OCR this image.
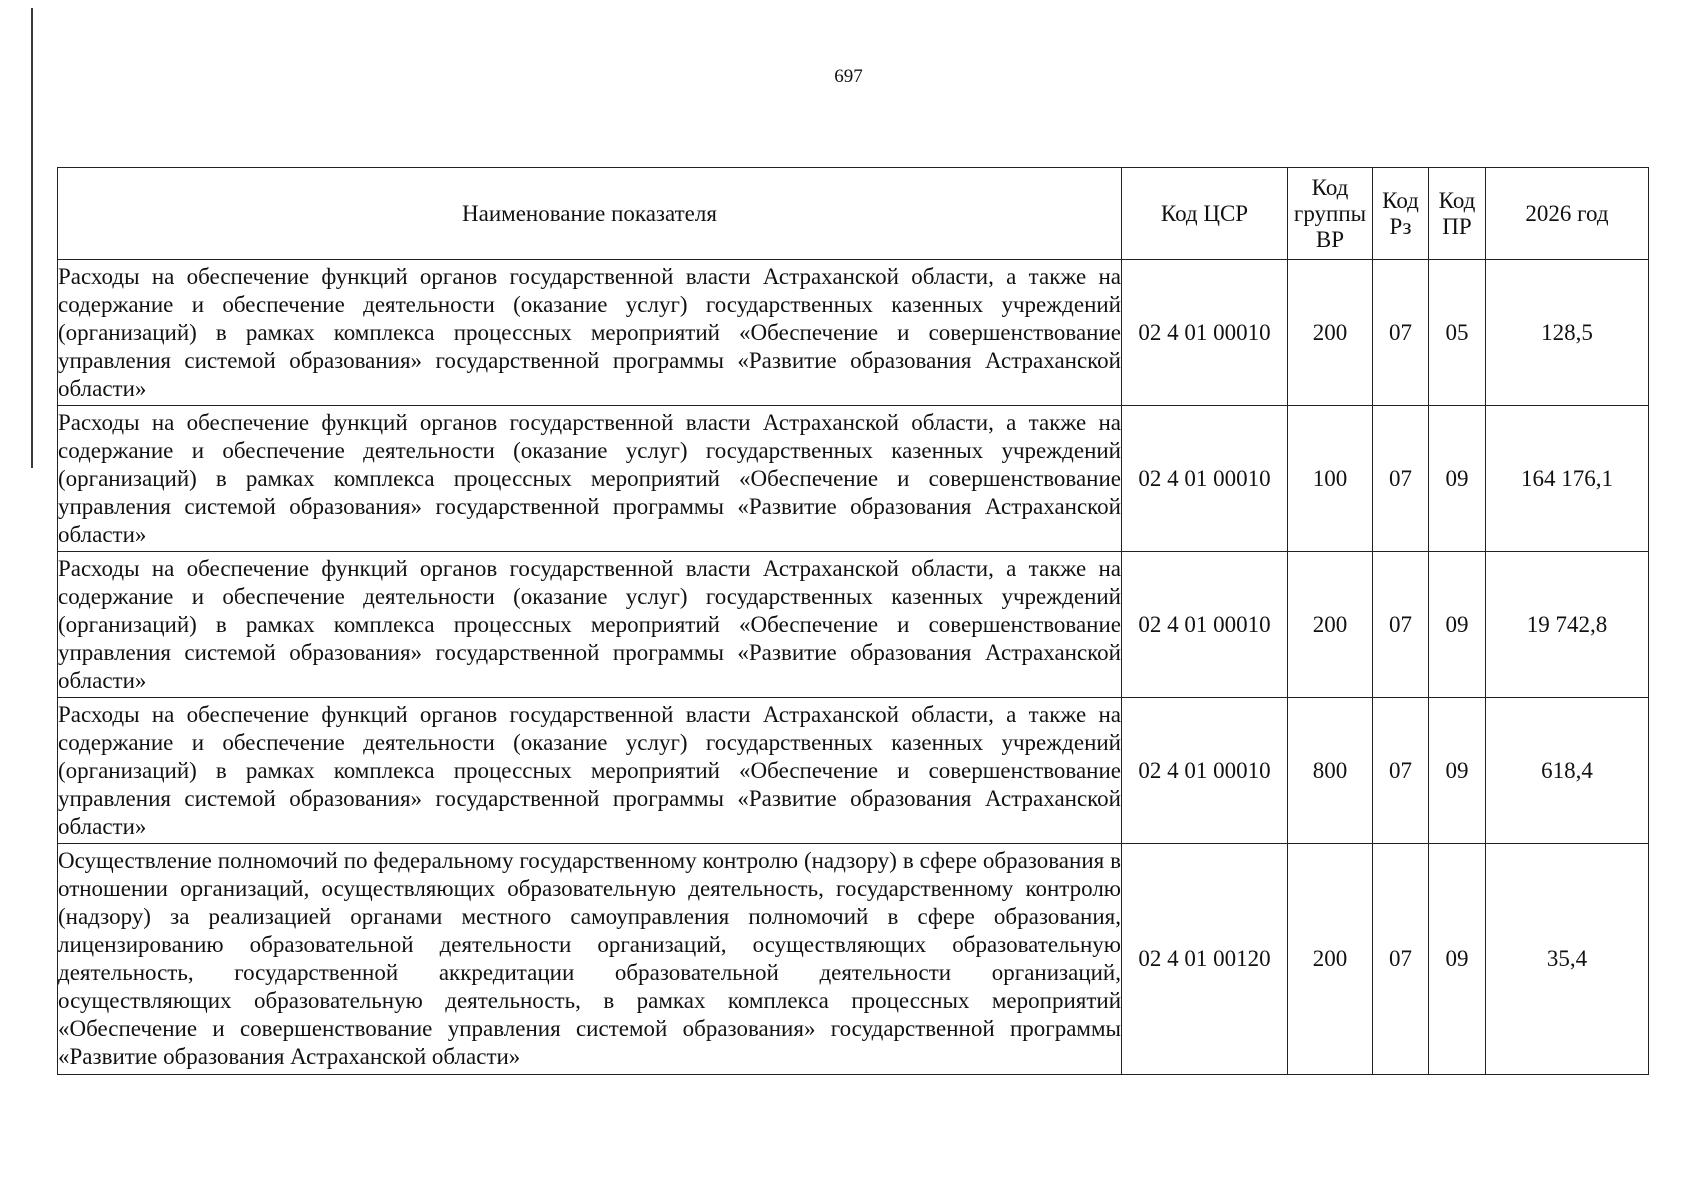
697
Наименование показателя	Код ЦСР	Код группы ВР	Код Рз	Код ПР	2026 год
Расходы на обеспечение функций органов государственной власти Астраханской области, а также на содержание и обеспечение деятельности (оказание услуг) государственных казенных учреждений (организаций) в рамках комплекса процессных мероприятий «Обеспечение и совершенствование управления системой образования» государственной программы «Развитие образования Астраханской области»	02 4 01 00010	200	07	05	128,5
Расходы на обеспечение функций органов государственной власти Астраханской области, а также на содержание и обеспечение деятельности (оказание услуг) государственных казенных учреждений (организаций) в рамках комплекса процессных мероприятий «Обеспечение и совершенствование управления системой образования» государственной программы «Развитие образования Астраханской области»	02 4 01 00010	100	07	09	164 176,1
Расходы на обеспечение функций органов государственной власти Астраханской области, а также на содержание и обеспечение деятельности (оказание услуг) государственных казенных учреждений (организаций) в рамках комплекса процессных мероприятий «Обеспечение и совершенствование управления системой образования» государственной программы «Развитие образования Астраханской области»	02 4 01 00010	200	07	09	19 742,8
Расходы на обеспечение функций органов государственной власти Астраханской области, а также на содержание и обеспечение деятельности (оказание услуг) государственных казенных учреждений (организаций) в рамках комплекса процессных мероприятий «Обеспечение и совершенствование управления системой образования» государственной программы «Развитие образования Астраханской области»	02 4 01 00010	800	07	09	618,4
Осуществление полномочий по федеральному государственному контролю (надзору) в сфере образования в отношении организаций, осуществляющих образовательную деятельность, государственному контролю (надзору) за реализацией органами местного самоуправления полномочий в сфере образования, лицензированию образовательной деятельности организаций, осуществляющих образовательную деятельность, государственной аккредитации образовательной деятельности организаций, осуществляющих образовательную деятельность, в рамках комплекса процессных мероприятий «Обеспечение и совершенствование управления системой образования» государственной программы «Развитие образования Астраханской области»	02 4 01 00120	200	07	09	35,4
